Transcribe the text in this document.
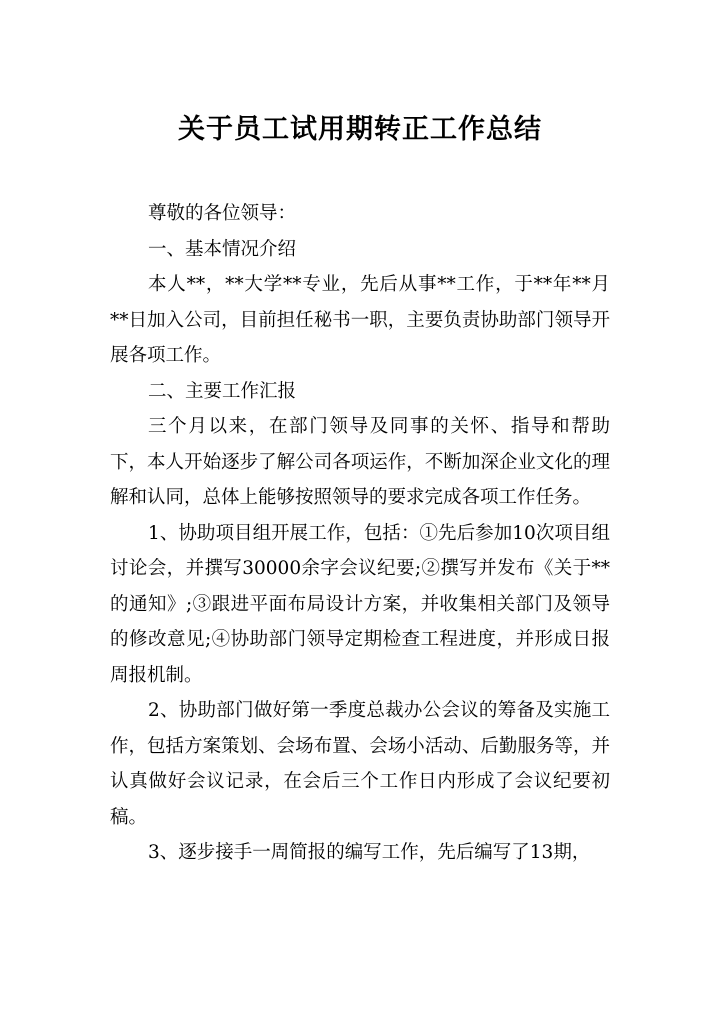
关于员工试用期转正工作总结

尊敬的各位领导：

一、基本情况介绍

本人**，**大学**专业，先后从事**工作，于**年**月**日加入公司，目前担任秘书一职，主要负责协助部门领导开展各项工作。

二、主要工作汇报

三个月以来，在部门领导及同事的关怀、指导和帮助下，本人开始逐步了解公司各项运作，不断加深企业文化的理解和认同，总体上能够按照领导的要求完成各项工作任务。

1、协助项目组开展工作，包括：①先后参加10次项目组讨论会，并撰写30000余字会议纪要;②撰写并发布《关于**的通知》;③跟进平面布局设计方案，并收集相关部门及领导的修改意见;④协助部门领导定期检查工程进度，并形成日报周报机制。

2、协助部门做好第一季度总裁办公会议的筹备及实施工作，包括方案策划、会场布置、会场小活动、后勤服务等，并认真做好会议记录，在会后三个工作日内形成了会议纪要初稿。

3、逐步接手一周简报的编写工作，先后编写了13期，
